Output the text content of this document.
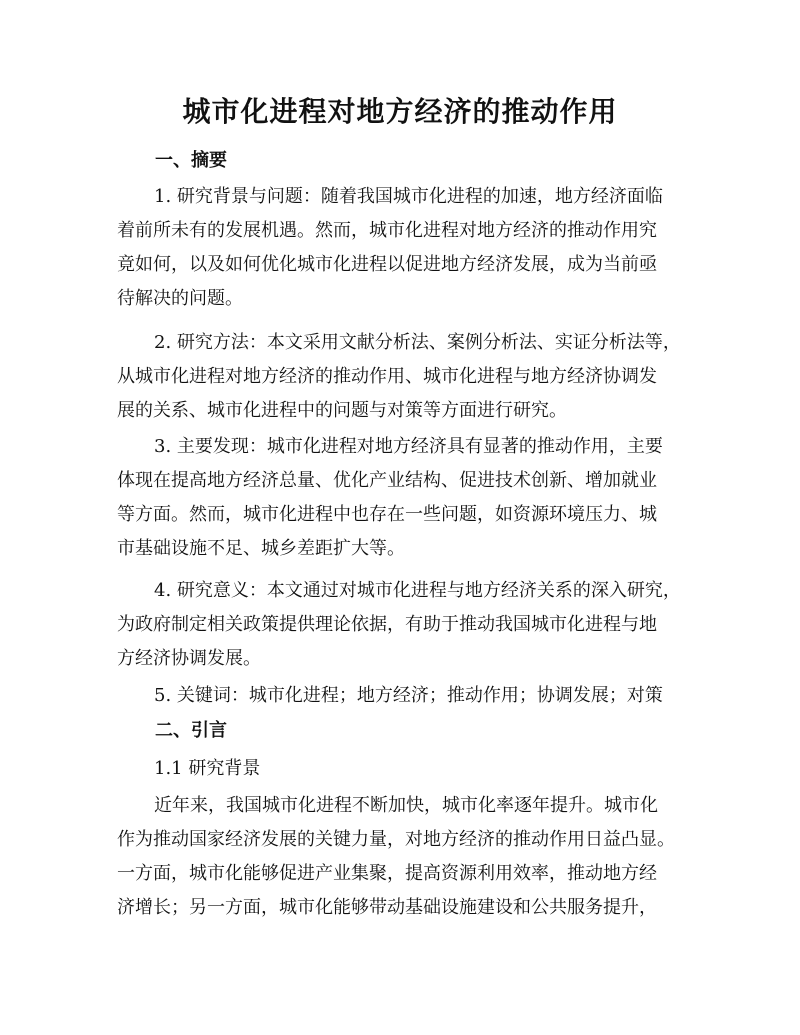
城市化进程对地方经济的推动作用
一、摘要
1. 研究背景与问题：随着我国城市化进程的加速，地方经济面临
着前所未有的发展机遇。然而，城市化进程对地方经济的推动作用究
竟如何，以及如何优化城市化进程以促进地方经济发展，成为当前亟
待解决的问题。
2. 研究方法：本文采用文献分析法、案例分析法、实证分析法等，
从城市化进程对地方经济的推动作用、城市化进程与地方经济协调发
展的关系、城市化进程中的问题与对策等方面进行研究。
3. 主要发现：城市化进程对地方经济具有显著的推动作用，主要
体现在提高地方经济总量、优化产业结构、促进技术创新、增加就业
等方面。然而，城市化进程中也存在一些问题，如资源环境压力、城
市基础设施不足、城乡差距扩大等。
4. 研究意义：本文通过对城市化进程与地方经济关系的深入研究，
为政府制定相关政策提供理论依据，有助于推动我国城市化进程与地
方经济协调发展。

5. 关键词：城市化进程；地方经济；推动作用；协调发展；对策

二、引言

1.1 研究背景

近年来，我国城市化进程不断加快，城市化率逐年提升。城市化
作为推动国家经济发展的关键力量，对地方经济的推动作用日益凸显。
一方面，城市化能够促进产业集聚，提高资源利用效率，推动地方经
济增长；另一方面，城市化能够带动基础设施建设和公共服务提升，
